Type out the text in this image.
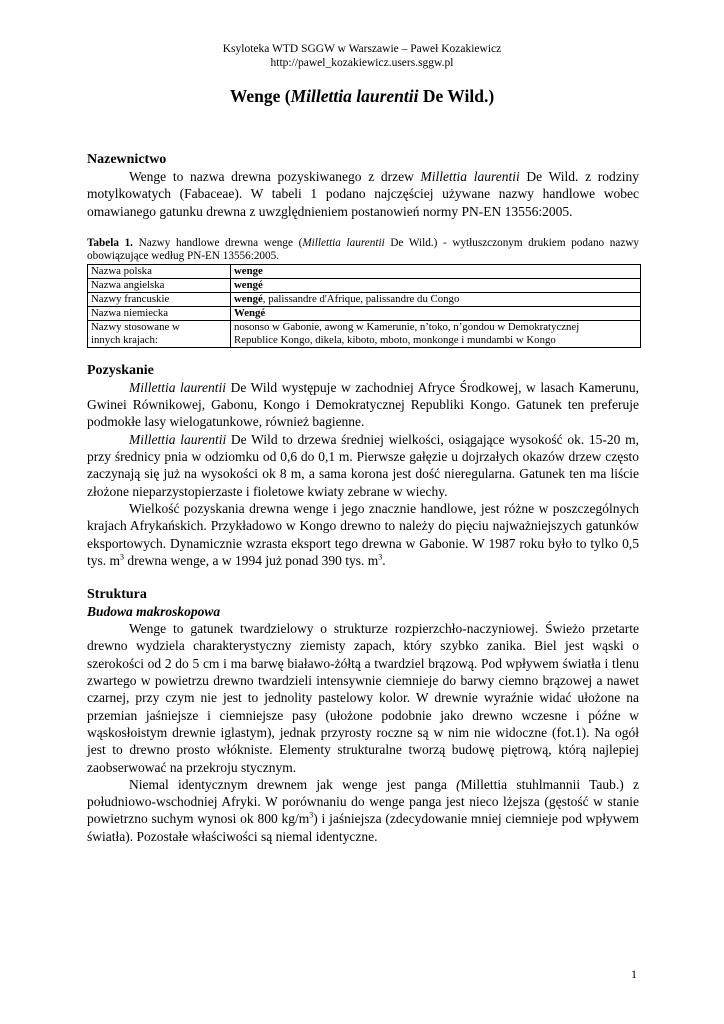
Ksyloteka WTD SGGW w Warszawie – Paweł Kozakiewicz
http://pawel_kozakiewicz.users.sggw.pl
Wenge (Millettia laurentii De Wild.)
Nazewnictwo

Wenge to nazwa drewna pozyskiwanego z drzew Millettia laurentii De Wild. z rodziny motylkowatych (Fabaceae). W tabeli 1 podano najczęściej używane nazwy handlowe wobec omawianego gatunku drewna z uwzględnieniem postanowień normy PN-EN 13556:2005.

Tabela 1. Nazwy handlowe drewna wenge (Millettia laurentii De Wild.) - wytłuszczonym drukiem podano nazwy obowiązujące według PN-EN 13556:2005.

Nazwa polska	wenge
Nazwa angielska	wengé
Nazwy francuskie	wengé, palissandre d'Afrique, palissandre du Congo
Nazwa niemiecka	Wengé
Nazwy stosowane w
innych krajach:	nosonso w Gabonie, awong w Kamerunie, n’toko, n’gondou w Demokratycznej
Republice Kongo, dikela, kiboto, mboto, monkonge i mundambi w Kongo
Pozyskanie

Millettia laurentii De Wild występuje w zachodniej Afryce Środkowej, w lasach Kamerunu, Gwinei Równikowej, Gabonu, Kongo i Demokratycznej Republiki Kongo. Gatunek ten preferuje podmokłe lasy wielogatunkowe, również bagienne.

Millettia laurentii De Wild to drzewa średniej wielkości, osiągające wysokość ok. 15-20 m, przy średnicy pnia w odziomku od 0,6 do 0,1 m. Pierwsze gałęzie u dojrzałych okazów drzew często zaczynają się już na wysokości ok 8 m, a sama korona jest dość nieregularna. Gatunek ten ma liście złożone nieparzystopierzaste i fioletowe kwiaty zebrane w wiechy.

Wielkość pozyskania drewna wenge i jego znacznie handlowe, jest różne w poszczególnych krajach Afrykańskich. Przykładowo w Kongo drewno to należy do pięciu najważniejszych gatunków eksportowych. Dynamicznie wzrasta eksport tego drewna w Gabonie. W 1987 roku było to tylko 0,5 tys. $m^3$ drewna wenge, a w 1994 już ponad 390 tys. $m^3$.

Struktura
Budowa makroskopowa

Wenge to gatunek twardzielowy o strukturze rozpierzchło-naczyniowej. Świeżo przetarte drewno wydziela charakterystyczny ziemisty zapach, który szybko zanika. Biel jest wąski o szerokości od 2 do 5 cm i ma barwę białawo-żółtą a twardziel brązową. Pod wpływem światła i tlenu zwartego w powietrzu drewno twardzieli intensywnie ciemnieje do barwy ciemno brązowej a nawet czarnej, przy czym nie jest to jednolity pastelowy kolor. W drewnie wyraźnie widać ułożone na przemian jaśniejsze i ciemniejsze pasy (ułożone podobnie jako drewno wczesne i późne w wąskosłoistym drewnie iglastym), jednak przyrosty roczne są w nim nie widoczne (fot.1). Na ogół jest to drewno prosto włókniste. Elementy strukturalne tworzą budowę piętrową, którą najlepiej zaobserwować na przekroju stycznym.

Niemal identycznym drewnem jak wenge jest panga (Millettia stuhlmannii Taub.) z południowo-wschodniej Afryki. W porównaniu do wenge panga jest nieco lżejsza (gęstość w stanie powietrzno suchym wynosi ok 800 $kg/m^3$) i jaśniejsza (zdecydowanie mniej ciemnieje pod wpływem światła). Pozostałe właściwości są niemal identyczne.

1
